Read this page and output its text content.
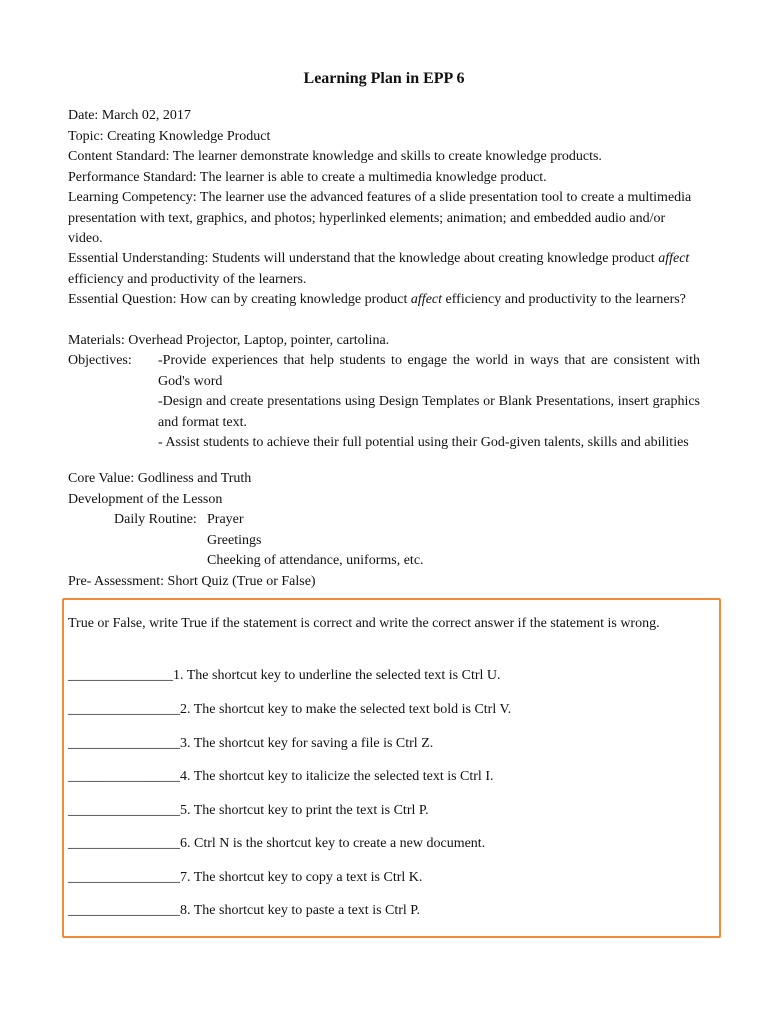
Learning Plan in EPP 6
Date: March 02, 2017
Topic: Creating Knowledge Product
Content Standard: The learner demonstrate knowledge and skills to create knowledge products.
Performance Standard: The learner is able to create a multimedia knowledge product.
Learning Competency: The learner use the advanced features of a slide presentation tool to create a multimedia presentation with text, graphics, and photos; hyperlinked elements; animation; and embedded audio and/or video.
Essential Understanding: Students will understand that the knowledge about creating knowledge product affect efficiency and productivity of the learners.
Essential Question: How can by creating knowledge product affect efficiency and productivity to the learners?
Materials: Overhead Projector, Laptop, pointer, cartolina.
Objectives: -Provide experiences that help students to engage the world in ways that are consistent with God's word
-Design and create presentations using Design Templates or Blank Presentations, insert graphics and format text.
- Assist students to achieve their full potential using their God-given talents, skills and abilities
Core Value: Godliness and Truth
Development of the Lesson
Daily Routine: Prayer
Greetings
Cheeking of attendance, uniforms, etc.
Pre- Assessment: Short Quiz (True or False)
True or False, write True if the statement is correct and write the correct answer if the statement is wrong.
_______________1. The shortcut key to underline the selected text is Ctrl U.
________________2. The shortcut key to make the selected text bold is Ctrl V.
________________3. The shortcut key for saving a file is Ctrl Z.
________________4. The shortcut key to italicize the selected text is Ctrl I.
________________5. The shortcut key to print the text is Ctrl P.
________________6. Ctrl N is the shortcut key to create a new document.
________________7. The shortcut key to copy a text is Ctrl K.
________________8. The shortcut key to paste a text is Ctrl P.
